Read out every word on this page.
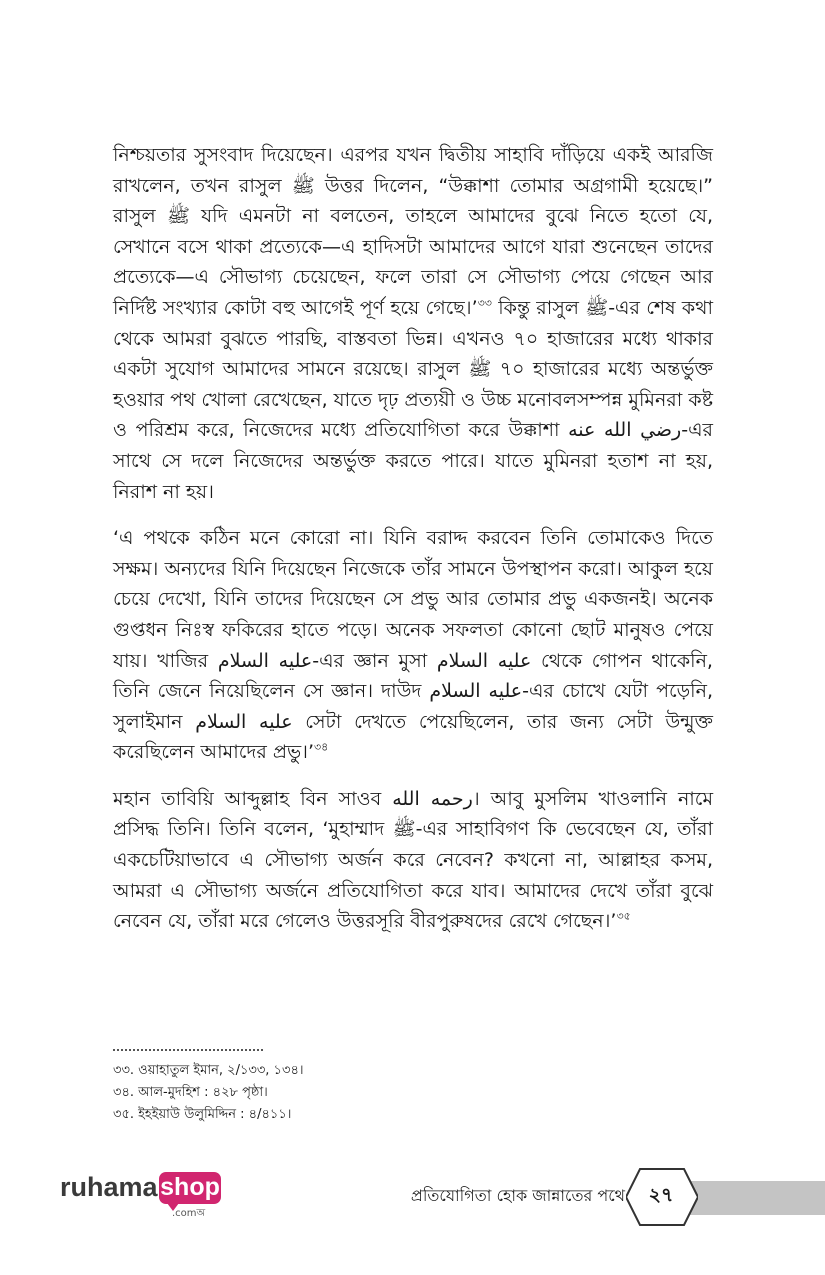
নিশ্চয়তার সুসংবাদ দিয়েছেন। এরপর যখন দ্বিতীয় সাহাবি দাঁড়িয়ে একই আরজি রাখলেন, তখন রাসুল ﷺ উত্তর দিলেন, “উক্কাশা তোমার অগ্রগামী হয়েছে।” রাসুল ﷺ যদি এমনটা না বলতেন, তাহলে আমাদের বুঝে নিতে হতো যে, সেখানে বসে থাকা প্রত্যেকে—এ হাদিসটা আমাদের আগে যারা শুনেছেন তাদের প্রত্যেকে—এ সৌভাগ্য চেয়েছেন, ফলে তারা সে সৌভাগ্য পেয়ে গেছেন আর নির্দিষ্ট সংখ্যার কোটা বহু আগেই পূর্ণ হয়ে গেছে।’$^{৩৩}$ কিন্তু রাসুল ﷺ-এর শেষ কথা থেকে আমরা বুঝতে পারছি, বাস্তবতা ভিন্ন। এখনও ৭০ হাজারের মধ্যে থাকার একটা সুযোগ আমাদের সামনে রয়েছে। রাসুল ﷺ ৭০ হাজারের মধ্যে অন্তর্ভুক্ত হওয়ার পথ খোলা রেখেছেন, যাতে দৃঢ় প্রত্যয়ী ও উচ্চ মনোবলসম্পন্ন মুমিনরা কষ্ট ও পরিশ্রম করে, নিজেদের মধ্যে প্রতিযোগিতা করে উক্কাশা رضي الله عنه-এর সাথে সে দলে নিজেদের অন্তর্ভুক্ত করতে পারে। যাতে মুমিনরা হতাশ না হয়, নিরাশ না হয়।

‘এ পথকে কঠিন মনে কোরো না। যিনি বরাদ্দ করবেন তিনি তোমাকেও দিতে সক্ষম। অন্যদের যিনি দিয়েছেন নিজেকে তাঁর সামনে উপস্থাপন করো। আকুল হয়ে চেয়ে দেখো, যিনি তাদের দিয়েছেন সে প্রভু আর তোমার প্রভু একজনই। অনেক গুপ্তধন নিঃস্ব ফকিরের হাতে পড়ে। অনেক সফলতা কোনো ছোট মানুষও পেয়ে যায়। খাজির عليه السلام-এর জ্ঞান মুসা عليه السلام থেকে গোপন থাকেনি, তিনি জেনে নিয়েছিলেন সে জ্ঞান। দাউদ عليه السلام-এর চোখে যেটা পড়েনি, সুলাইমান عليه السلام সেটা দেখতে পেয়েছিলেন, তার জন্য সেটা উন্মুক্ত করেছিলেন আমাদের প্রভু।’$^{৩৪}$

মহান তাবিয়ি আব্দুল্লাহ বিন সাওব رحمه الله। আবু মুসলিম খাওলানি নামে প্রসিদ্ধ তিনি। তিনি বলেন, ‘মুহাম্মাদ ﷺ-এর সাহাবিগণ কি ভেবেছেন যে, তাঁরা একচেটিয়াভাবে এ সৌভাগ্য অর্জন করে নেবেন? কখনো না, আল্লাহর কসম, আমরা এ সৌভাগ্য অর্জনে প্রতিযোগিতা করে যাব। আমাদের দেখে তাঁরা বুঝে নেবেন যে, তাঁরা মরে গেলেও উত্তরসূরি বীরপুরুষদের রেখে গেছেন।’$^{৩৫}$

৩৩. ওয়াহাতুল ইমান, ২/১৩৩, ১৩৪।

৩৪. আল-মুদহিশ : ৪২৮ পৃষ্ঠা।

৩৫. ইহইয়াউ উলুমিদ্দিন : ৪/৪১১।

ruhama shop
.comঅ
প্রতিযোগিতা হোক জান্নাতের পথে	২৭
